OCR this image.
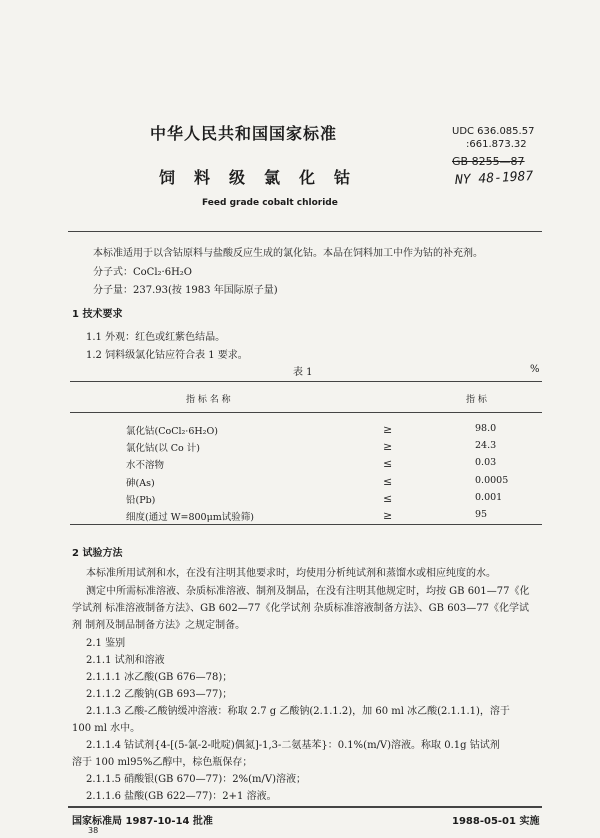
中华人民共和国国家标准	UDC 636.085.57
:661.873.32
GB 8255—87
NY 48-1987
饲料级氯化钴
Feed grade cobalt chloride
本标准适用于以含钴原料与盐酸反应生成的氯化钴。本品在饲料加工中作为钴的补充剂。
分子式：CoCl₂·6H₂O
分子量：237.93(按 1983 年国际原子量)
1 技术要求
1.1 外观：红色或红紫色结晶。
1.2 饲料级氯化钴应符合表 1 要求。
表 1	%
指 标 名 称	指 标
氯化钴(CoCl₂·6H₂O)	≥	98.0
氯化钴(以 Co 计)	≥	24.3
水不溶物	≤	0.03
砷(As)	≤	0.0005
铅(Pb)	≤	0.001
细度(通过 W=800μm试验筛)	≥	95
2 试验方法
本标准所用试剂和水，在没有注明其他要求时，均使用分析纯试剂和蒸馏水或相应纯度的水。
测定中所需标准溶液、杂质标准溶液、制剂及制品，在没有注明其他规定时，均按 GB 601—77《化
学试剂 标准溶液制备方法》、GB 602—77《化学试剂 杂质标准溶液制备方法》、GB 603—77《化学试
剂 制剂及制品制备方法》之规定制备。
2.1 鉴别
2.1.1 试剂和溶液
2.1.1.1 冰乙酸(GB 676—78)；
2.1.1.2 乙酸钠(GB 693—77)；
2.1.1.3 乙酸-乙酸钠缓冲溶液：称取 2.7 g 乙酸钠(2.1.1.2)，加 60 ml 冰乙酸(2.1.1.1)，溶于
100 ml 水中。
2.1.1.4 钴试剂{4-[(5-氯-2-吡啶)偶氮]-1,3-二氨基苯}：0.1%(m/V)溶液。称取 0.1g 钴试剂
溶于 100 ml95%乙醇中，棕色瓶保存；
2.1.1.5 硝酸银(GB 670—77)：2%(m/V)溶液；
2.1.1.6 盐酸(GB 622—77)：2+1 溶液。
国家标准局 1987-10-14 批准	1988-05-01 实施
38
